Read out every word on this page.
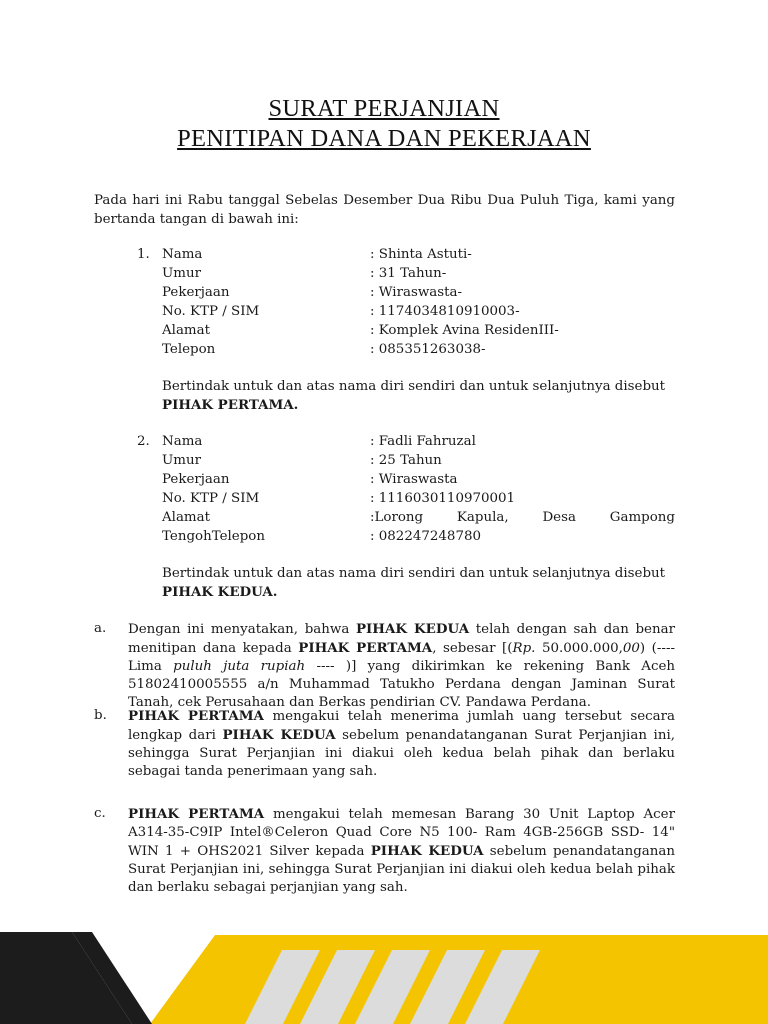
SURAT PERJANJIAN
PENITIPAN DANA DAN PEKERJAAN
Pada hari ini Rabu tanggal Sebelas Desember Dua Ribu Dua Puluh Tiga, kami yang bertanda tangan di bawah ini:
1. Nama	: Shinta Astuti-
Umur	: 31 Tahun-
Pekerjaan	: Wiraswasta-
No. KTP / SIM	: 1174034810910003-
Alamat	: Komplek Avina ResidenIII-
Telepon	: 085351263038-
Bertindak untuk dan atas nama diri sendiri dan untuk selanjutnya disebut
PIHAK PERTAMA.
2. Nama	: Fadli Fahruzal
Umur	: 25 Tahun
Pekerjaan	: Wiraswasta
No. KTP / SIM	: 1116030110970001
Alamat	:Lorong	Kapula,	Desa	Gampong
TengohTelepon	: 082247248780
Bertindak untuk dan atas nama diri sendiri dan untuk selanjutnya disebut
PIHAK KEDUA.
a. Dengan ini menyatakan, bahwa PIHAK KEDUA telah dengan sah dan benar menitipan dana kepada PIHAK PERTAMA, sebesar [(Rp. 50.000.000,00) (---- Lima puluh juta rupiah ---- )] yang dikirimkan ke rekening Bank Aceh 51802410005555 a/n Muhammad Tatukho Perdana dengan Jaminan Surat Tanah, cek Perusahaan dan Berkas pendirian CV. Pandawa Perdana.
b. PIHAK PERTAMA mengakui telah menerima jumlah uang tersebut secara lengkap dari PIHAK KEDUA sebelum penandatanganan Surat Perjanjian ini, sehingga Surat Perjanjian ini diakui oleh kedua belah pihak dan berlaku sebagai tanda penerimaan yang sah.
c. PIHAK PERTAMA mengakui telah memesan Barang 30 Unit Laptop Acer A314-35-C9IP Intel®Celeron Quad Core N5 100- Ram 4GB-256GB SSD- 14" WIN 1 + OHS2021 Silver kepada PIHAK KEDUA sebelum penandatanganan Surat Perjanjian ini, sehingga Surat Perjanjian ini diakui oleh kedua belah pihak dan berlaku sebagai perjanjian yang sah.
